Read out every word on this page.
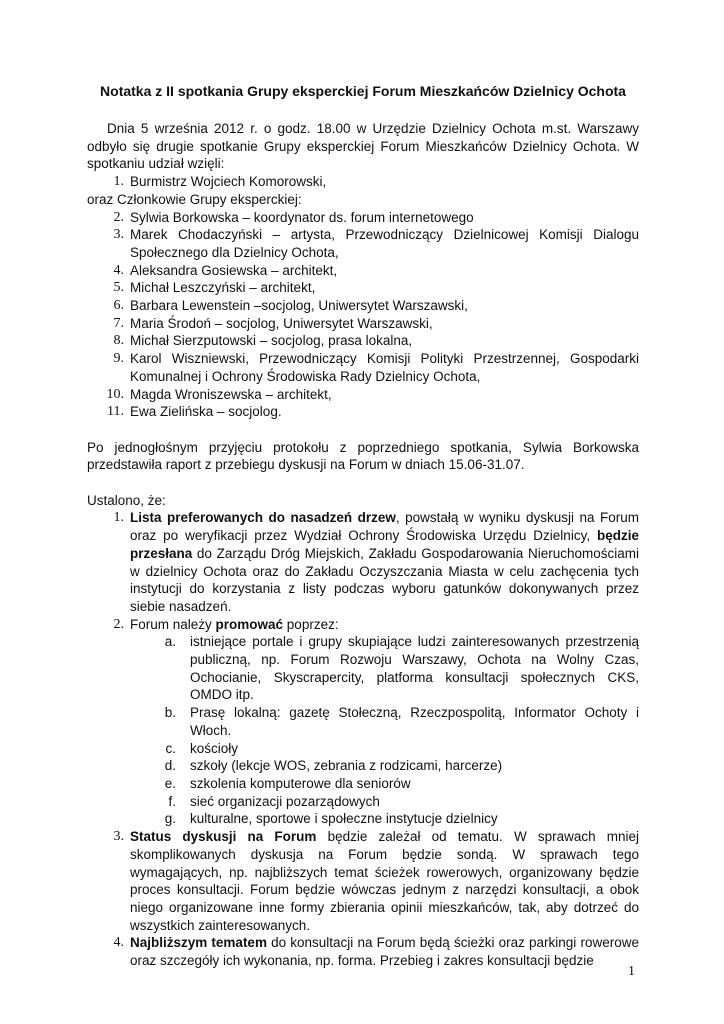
Notatka z II spotkania Grupy eksperckiej Forum Mieszkańców Dzielnicy Ochota

Dnia 5 września 2012 r. o godz. 18.00 w Urzędzie Dzielnicy Ochota m.st. Warszawy odbyło się drugie spotkanie Grupy eksperckiej Forum Mieszkańców Dzielnicy Ochota. W spotkaniu udział wzięli:

1. Burmistrz Wojciech Komorowski,

oraz Członkowie Grupy eksperckiej:

2. Sylwia Borkowska – koordynator ds. forum internetowego
3. Marek Chodaczyński – artysta, Przewodniczący Dzielnicowej Komisji Dialogu Społecznego dla Dzielnicy Ochota,
4. Aleksandra Gosiewska – architekt,
5. Michał Leszczyński – architekt,
6. Barbara Lewenstein –socjolog, Uniwersytet Warszawski,
7. Maria Środoń – socjolog, Uniwersytet Warszawski,
8. Michał Sierzputowski – socjolog, prasa lokalna,
9. Karol Wiszniewski, Przewodniczący Komisji Polityki Przestrzennej, Gospodarki Komunalnej i Ochrony Środowiska Rady Dzielnicy Ochota,
10. Magda Wroniszewska – architekt,
11. Ewa Zielińska – socjolog.

Po jednogłośnym przyjęciu protokołu z poprzedniego spotkania, Sylwia Borkowska przedstawiła raport z przebiegu dyskusji na Forum w dniach 15.06-31.07.

Ustalono, że:

1. Lista preferowanych do nasadzeń drzew, powstałą w wyniku dyskusji na Forum oraz po weryfikacji przez Wydział Ochrony Środowiska Urzędu Dzielnicy, będzie przesłana do Zarządu Dróg Miejskich, Zakładu Gospodarowania Nieruchomościami w dzielnicy Ochota oraz do Zakładu Oczyszczania Miasta w celu zachęcenia tych instytucji do korzystania z listy podczas wyboru gatunków dokonywanych przez siebie nasadzeń.
2. Forum należy promować poprzez:
a. istniejące portale i grupy skupiające ludzi zainteresowanych przestrzenią publiczną, np. Forum Rozwoju Warszawy, Ochota na Wolny Czas, Ochocianie, Skyscrapercity, platforma konsultacji społecznych CKS, OMDO itp.
b. Prasę lokalną: gazetę Stołeczną, Rzeczpospolitą, Informator Ochoty i Włoch.
c. kościoły
d. szkoły (lekcje WOS, zebrania z rodzicami, harcerze)
e. szkolenia komputerowe dla seniorów
f. sieć organizacji pozarządowych
g. kulturalne, sportowe i społeczne instytucje dzielnicy
3. Status dyskusji na Forum będzie zależał od tematu. W sprawach mniej skomplikowanych dyskusja na Forum będzie sondą. W sprawach tego wymagających, np. najbliższych temat ścieżek rowerowych, organizowany będzie proces konsultacji. Forum będzie wówczas jednym z narzędzi konsultacji, a obok niego organizowane inne formy zbierania opinii mieszkańców, tak, aby dotrzeć do wszystkich zainteresowanych.
4. Najbliższym tematem do konsultacji na Forum będą ścieżki oraz parkingi rowerowe oraz szczegóły ich wykonania, np. forma. Przebieg i zakres konsultacji będzie
1
